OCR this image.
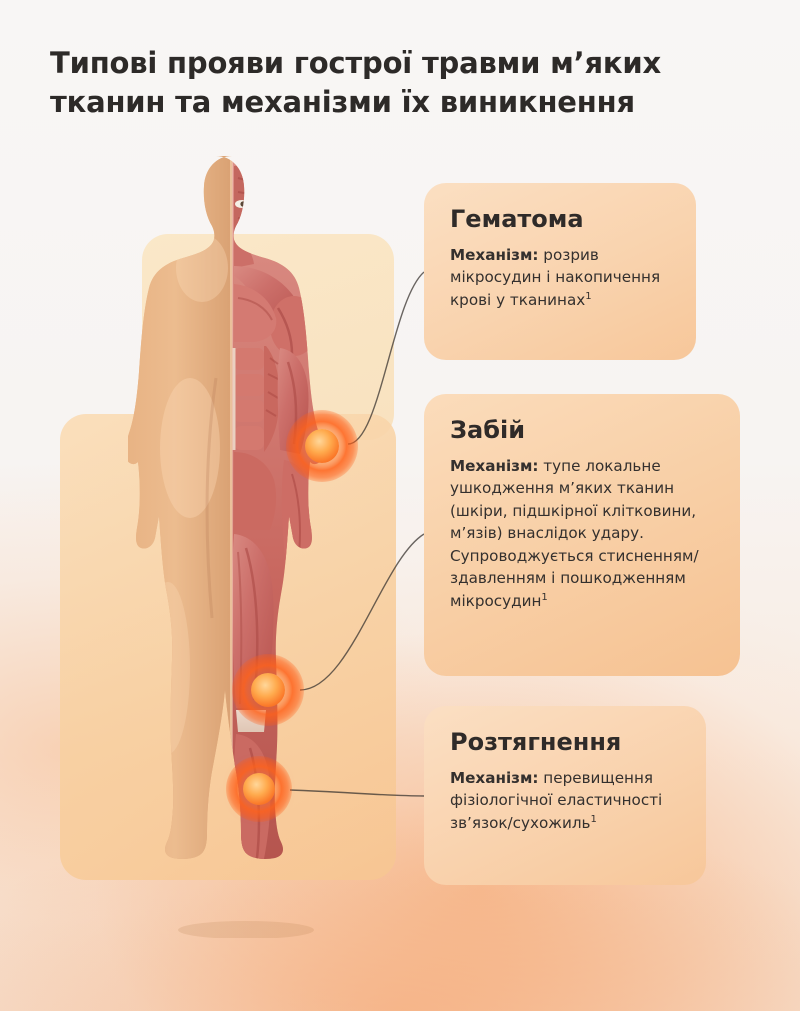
Типові прояви гострої травми м’яких
тканин та механізми їх виникнення
Гематома

Механізм: розрив мікросудин і накопичення крові у тканинах$^1$

Забій

Механізм: тупе локальне ушкодження м’яких тканин (шкіри, підшкірної клітковини, м’язів) внаслідок удару. Супроводжується стисненням/здавленням і пошкодженням мікросудин$^1$

Розтягнення

Механізм: перевищення фізіологічної еластичності зв’язок/сухожиль$^1$
